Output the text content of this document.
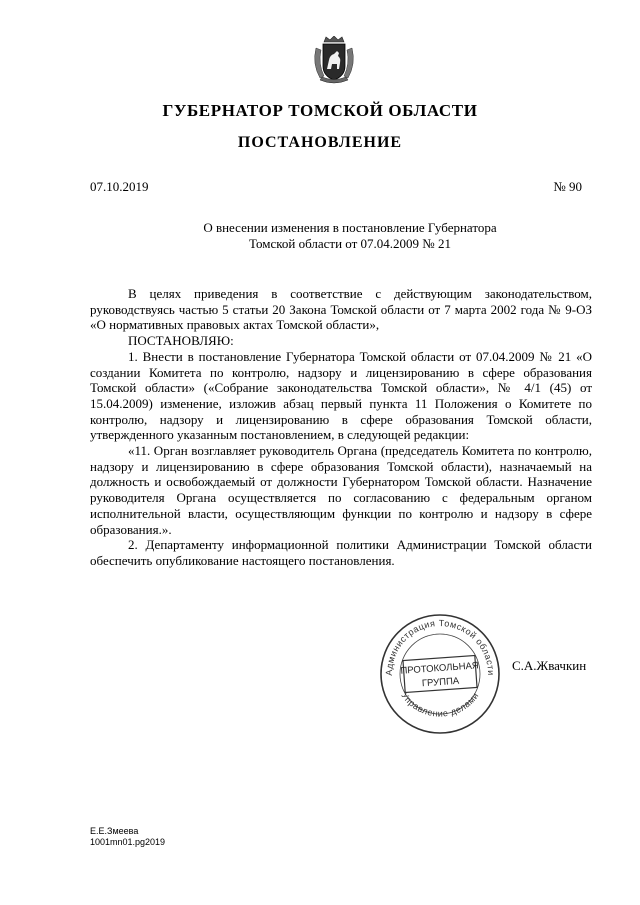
ГУБЕРНАТОР ТОМСКОЙ ОБЛАСТИ
ПОСТАНОВЛЕНИЕ
07.10.2019	№ 90
О внесении изменения в постановление Губернатора
Томской области от 07.04.2009 № 21

В целях приведения в соответствие с действующим законодательством, руководствуясь частью 5 статьи 20 Закона Томской области от 7 марта 2002 года № 9-ОЗ «О нормативных правовых актах Томской области»,

ПОСТАНОВЛЯЮ:

1. Внести в постановление Губернатора Томской области от 07.04.2009 № 21 «О создании Комитета по контролю, надзору и лицензированию в сфере образования Томской области» («Собрание законодательства Томской области», № 4/1 (45) от 15.04.2009) изменение, изложив абзац первый пункта 11 Положения о Комитете по контролю, надзору и лицензированию в сфере образования Томской области, утвержденного указанным постановлением, в следующей редакции:

«11. Орган возглавляет руководитель Органа (председатель Комитета по контролю, надзору и лицензированию в сфере образования Томской области), назначаемый на должность и освобождаемый от должности Губернатором Томской области. Назначение руководителя Органа осуществляется по согласованию с федеральным органом исполнительной власти, осуществляющим функции по контролю и надзору в сфере образования.».

2. Департаменту информационной политики Администрации Томской области обеспечить опубликование настоящего постановления.

Администрация Томской области
Управление делами
ПРОТОКОЛЬНАЯ
ГРУППА
С.А.Жвачкин
Е.Е.Змеева
1001mn01.pg2019
